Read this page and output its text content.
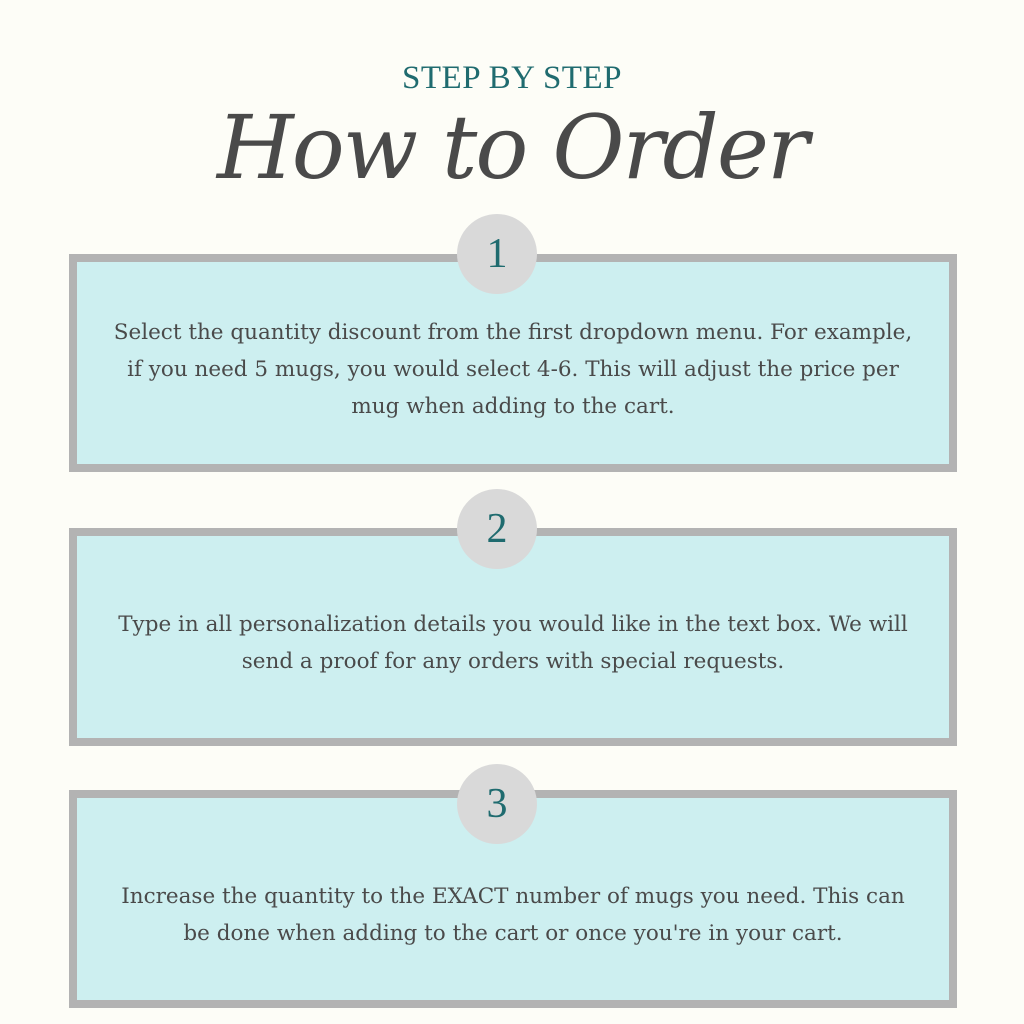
STEP BY STEP
How to Order
Select the quantity discount from the first dropdown menu. For example, if you need 5 mugs, you would select 4-6. This will adjust the price per mug when adding to the cart.
1
Type in all personalization details you would like in the text box. We will send a proof for any orders with special requests.
2
Increase the quantity to the EXACT number of mugs you need. This can be done when adding to the cart or once you're in your cart.
3
